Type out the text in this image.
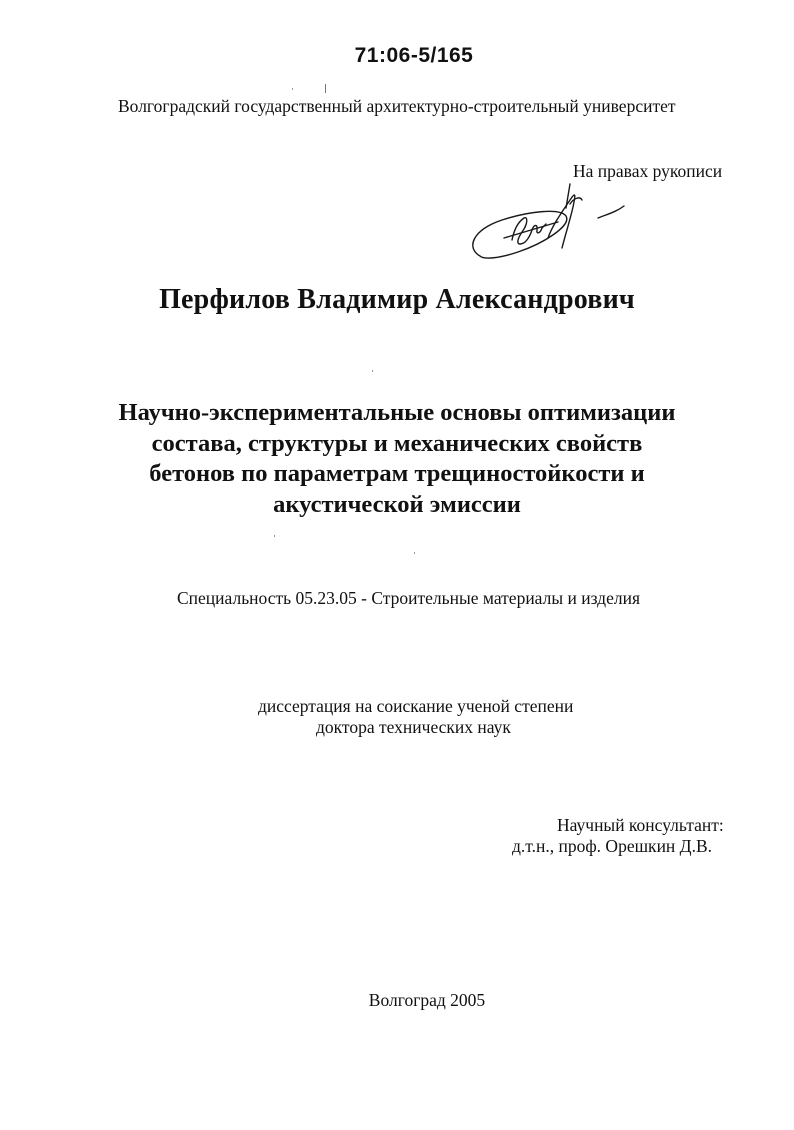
71:06-5/165
Волгоградский государственный архитектурно-строительный университет
На правах рукописи
Перфилов Владимир Александрович
Научно-экспериментальные основы оптимизации
состава, структуры и механических свойств
бетонов по параметрам трещиностойкости и
акустической эмиссии
Специальность 05.23.05 - Строительные материалы и изделия
диссертация на соискание ученой степени
доктора технических наук
Научный консультант:
д.т.н., проф. Орешкин Д.В.
Волгоград 2005
